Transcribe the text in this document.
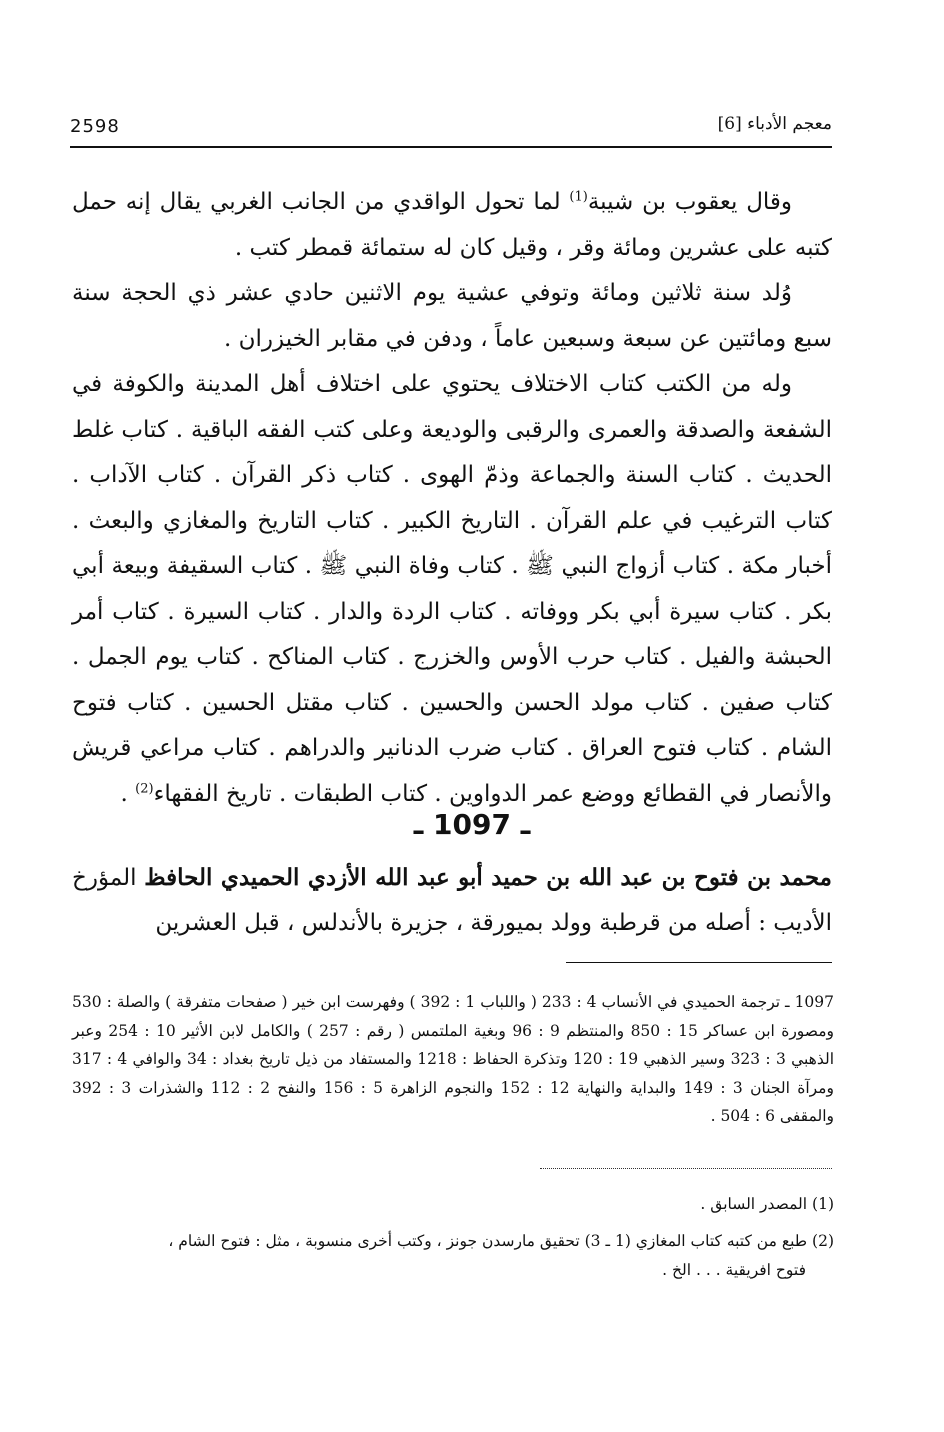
2598	معجم الأدباء [6]

وقال يعقوب بن شيبة$^{(1)}$ لما تحول الواقدي من الجانب الغربي يقال إنه حمل كتبه على عشرين ومائة وقر ، وقيل كان له ستمائة قمطر كتب .

وُلد سنة ثلاثين ومائة وتوفي عشية يوم الاثنين حادي عشر ذي الحجة سنة سبع ومائتين عن سبعة وسبعين عاماً ، ودفن في مقابر الخيزران .

وله من الكتب كتاب الاختلاف يحتوي على اختلاف أهل المدينة والكوفة في الشفعة والصدقة والعمرى والرقبى والوديعة وعلى كتب الفقه الباقية . كتاب غلط الحديث . كتاب السنة والجماعة وذمّ الهوى . كتاب ذكر القرآن . كتاب الآداب . كتاب الترغيب في علم القرآن . التاريخ الكبير . كتاب التاريخ والمغازي والبعث . أخبار مكة . كتاب أزواج النبي ﷺ . كتاب وفاة النبي ﷺ . كتاب السقيفة وبيعة أبي بكر . كتاب سيرة أبي بكر ووفاته . كتاب الردة والدار . كتاب السيرة . كتاب أمر الحبشة والفيل . كتاب حرب الأوس والخزرج . كتاب المناكح . كتاب يوم الجمل . كتاب صفين . كتاب مولد الحسن والحسين . كتاب مقتل الحسين . كتاب فتوح الشام . كتاب فتوح العراق . كتاب ضرب الدنانير والدراهم . كتاب مراعي قريش والأنصار في القطائع ووضع عمر الدواوين . كتاب الطبقات . تاريخ الفقهاء$^{(2)}$ .

ـ 1097 ـ
محمد بن فتوح بن عبد الله بن حميد أبو عبد الله الأزدي الحميدي الحافظ المؤرخ الأديب : أصله من قرطبة وولد بميورقة ، جزيرة بالأندلس ، قبل العشرين
1097 ـ ترجمة الحميدي في الأنساب 4 : 233 ( واللباب 1 : 392 ) وفهرست ابن خير ( صفحات متفرقة ) والصلة : 530 ومصورة ابن عساكر 15 : 850 والمنتظم 9 : 96 وبغية الملتمس ( رقم : 257 ) والكامل لابن الأثير 10 : 254 وعبر الذهبي 3 : 323 وسير الذهبي 19 : 120 وتذكرة الحفاظ : 1218 والمستفاد من ذيل تاريخ بغداد : 34 والوافي 4 : 317 ومرآة الجنان 3 : 149 والبداية والنهاية 12 : 152 والنجوم الزاهرة 5 : 156 والنفح 2 : 112 والشذرات 3 : 392 والمقفى 6 : 504 .

(1) المصدر السابق .

(2) طبع من كتبه كتاب المغازي (1 ـ 3) تحقيق مارسدن جونز ، وكتب أخرى منسوبة ، مثل : فتوح الشام ،
فتوح افريقية . . . الخ .
